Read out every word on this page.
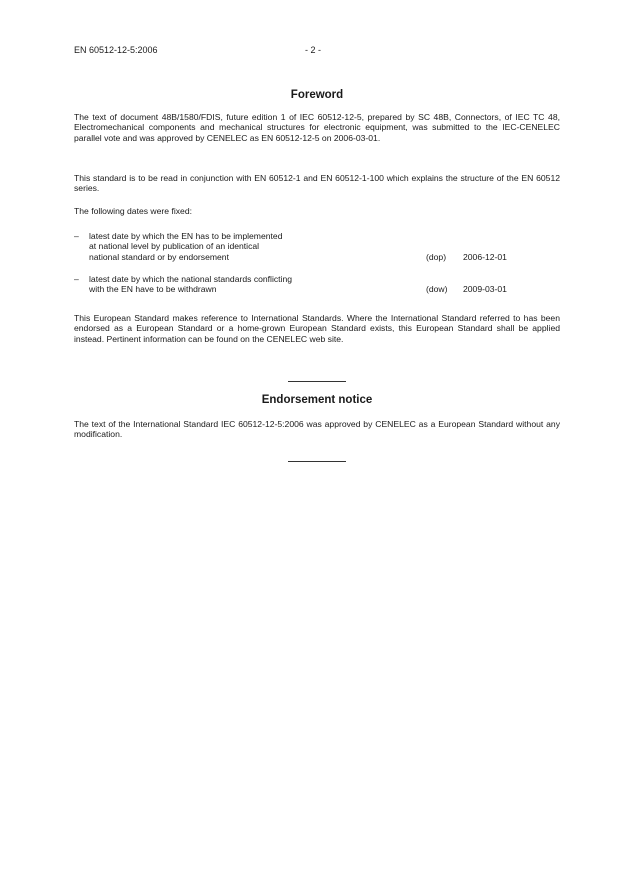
EN 60512-12-5:2006	- 2 -
Foreword

The text of document 48B/1580/FDIS, future edition 1 of IEC 60512-12-5, prepared by SC 48B, Connectors, of IEC TC 48, Electromechanical components and mechanical structures for electronic equipment, was submitted to the IEC-CENELEC parallel vote and was approved by CENELEC as EN 60512-12-5 on 2006-03-01.

This standard is to be read in conjunction with EN 60512-1 and EN 60512-1-100 which explains the structure of the EN 60512 series.

The following dates were fixed:

– latest date by which the EN has to be implemented
at national level by publication of an identical
national standard or by endorsement	(dop) 2006-12-01
– latest date by which the national standards conflicting
with the EN have to be withdrawn	(dow) 2009-03-01

This European Standard makes reference to International Standards. Where the International Standard referred to has been endorsed as a European Standard or a home-grown European Standard exists, this European Standard shall be applied instead. Pertinent information can be found on the CENELEC web site.

Endorsement notice

The text of the International Standard IEC 60512-12-5:2006 was approved by CENELEC as a European Standard without any modification.
